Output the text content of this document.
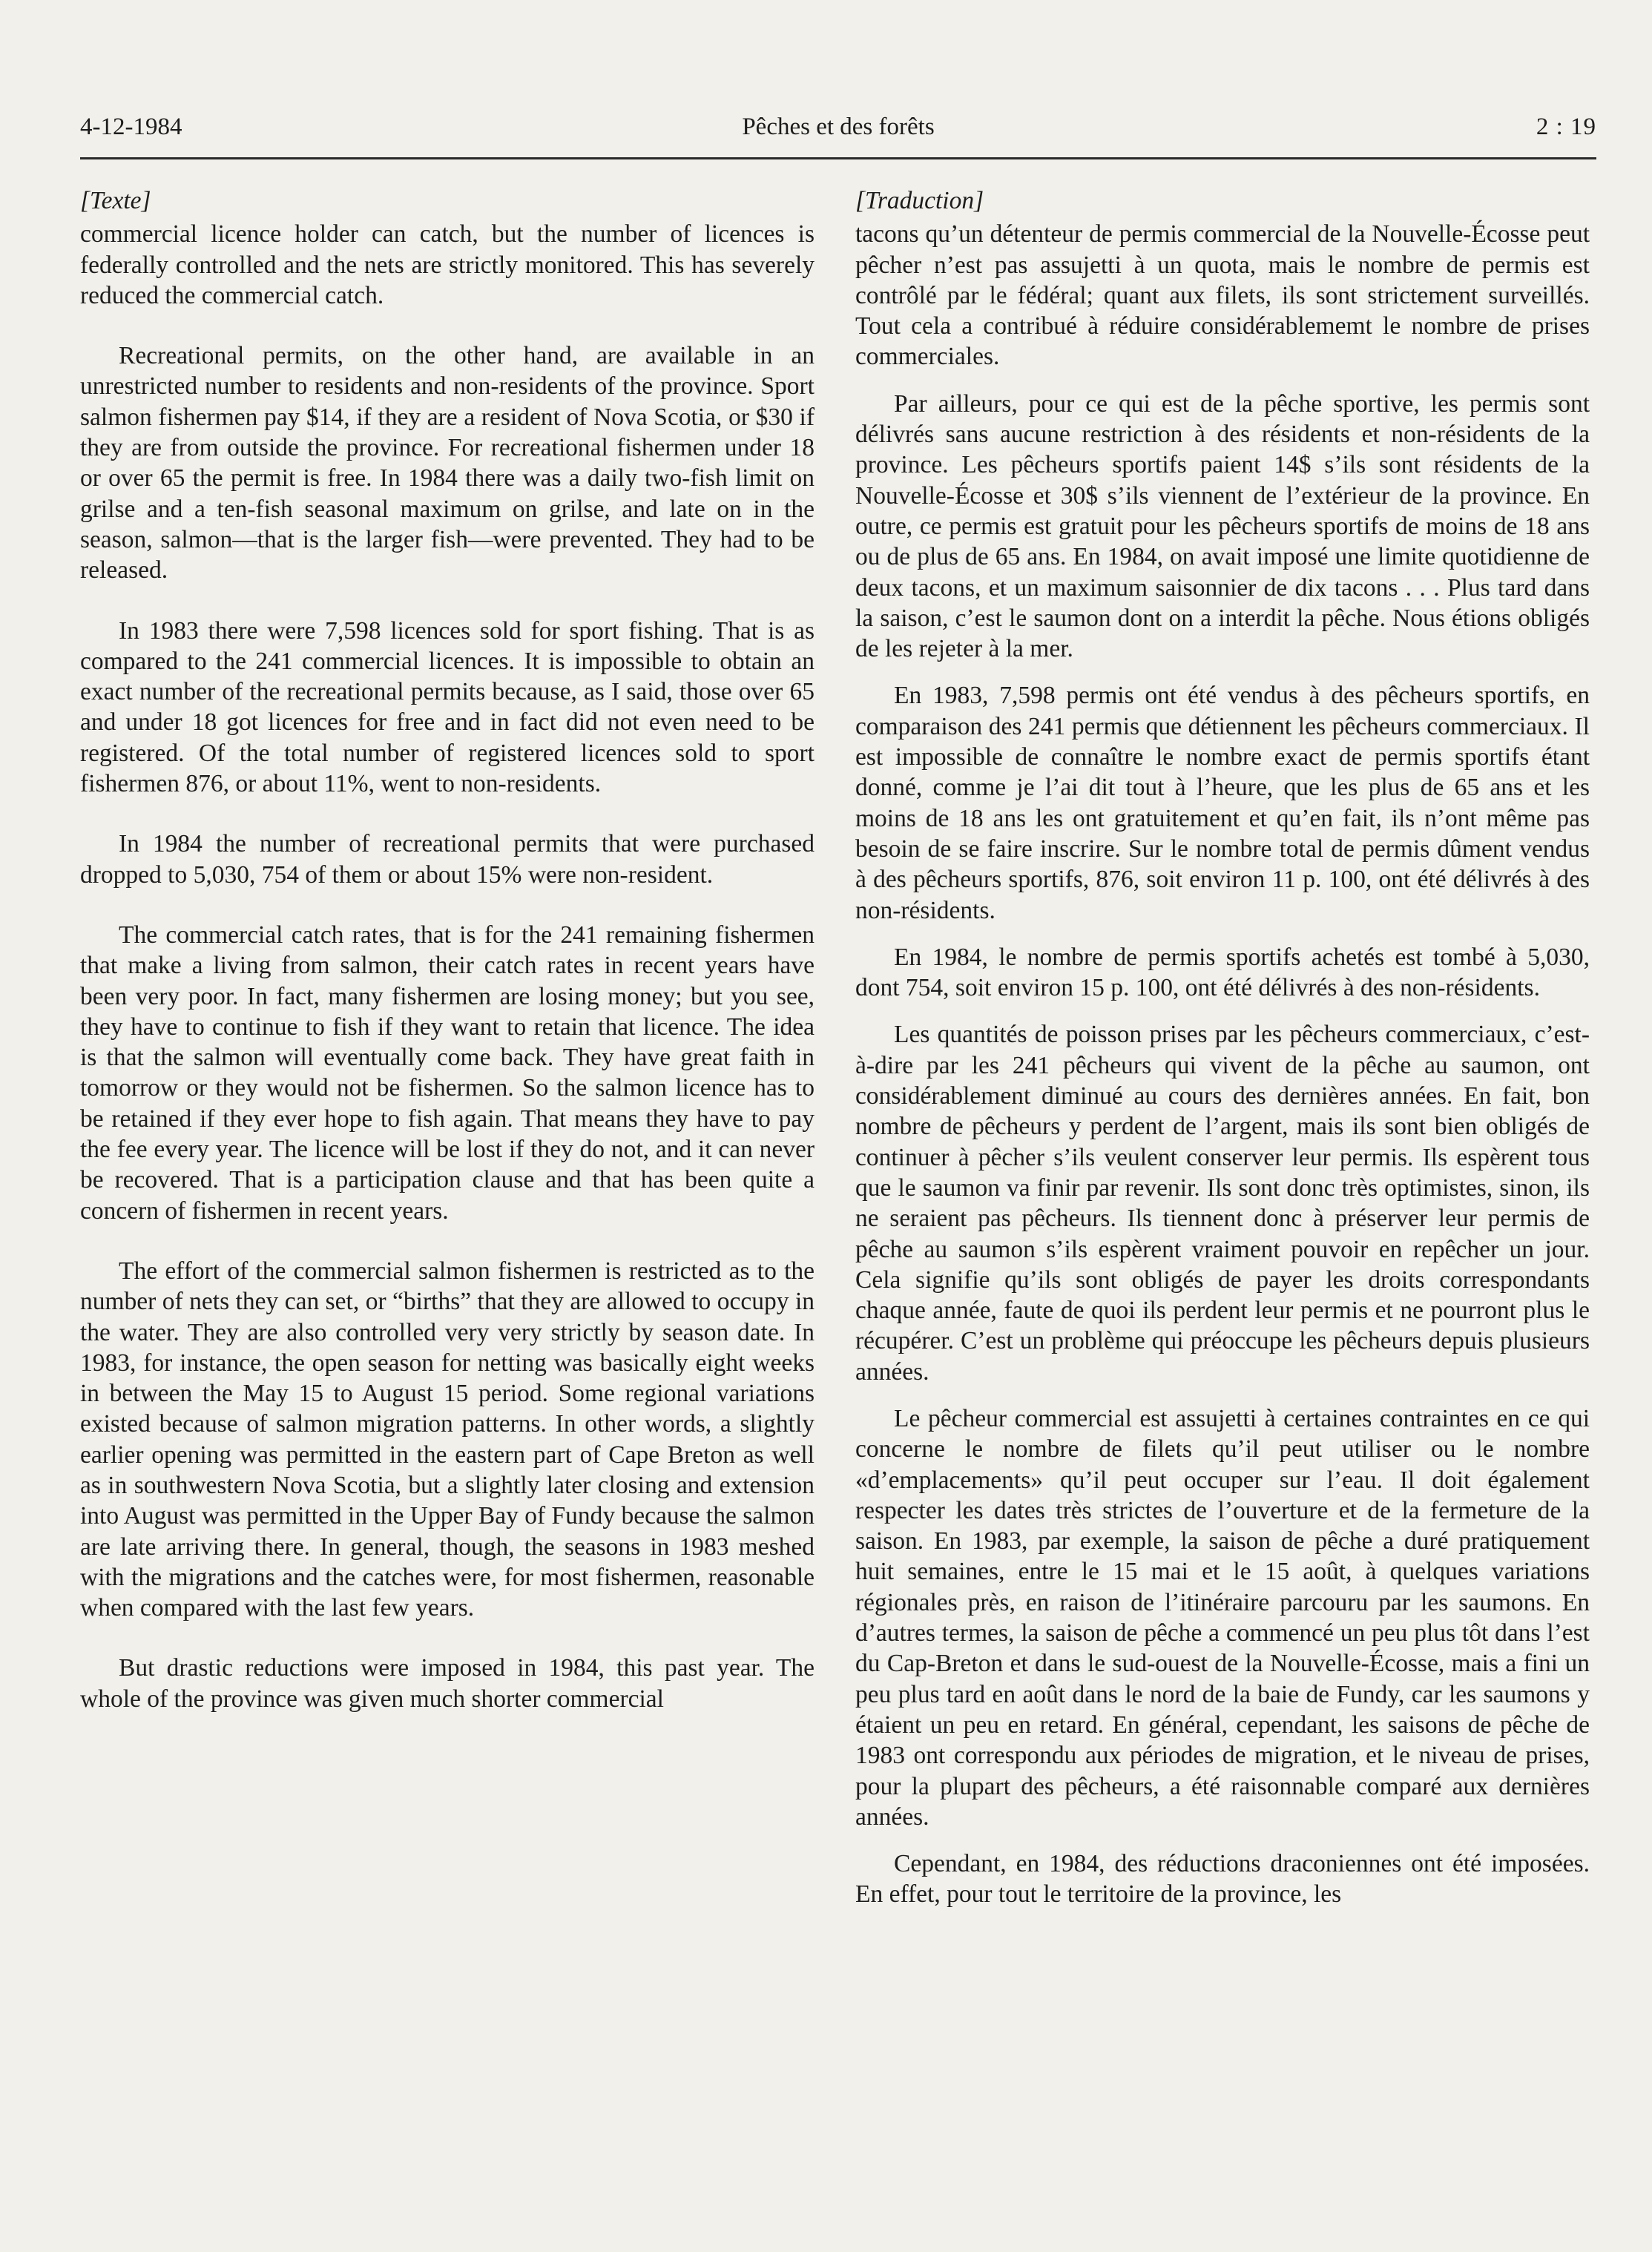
4-12-1984	Pêches et des forêts	2 : 19
[Texte]

commercial licence holder can catch, but the number of licences is federally controlled and the nets are strictly monitored. This has severely reduced the commercial catch.

Recreational permits, on the other hand, are available in an unrestricted number to residents and non-residents of the province. Sport salmon fishermen pay $14, if they are a resident of Nova Scotia, or $30 if they are from outside the province. For recreational fishermen under 18 or over 65 the permit is free. In 1984 there was a daily two-fish limit on grilse and a ten-fish seasonal maximum on grilse, and late on in the season, salmon—that is the larger fish—were prevented. They had to be released.

In 1983 there were 7,598 licences sold for sport fishing. That is as compared to the 241 commercial licences. It is impossible to obtain an exact number of the recreational permits because, as I said, those over 65 and under 18 got licences for free and in fact did not even need to be registered. Of the total number of registered licences sold to sport fishermen 876, or about 11%, went to non-residents.

In 1984 the number of recreational permits that were purchased dropped to 5,030, 754 of them or about 15% were non-resident.

The commercial catch rates, that is for the 241 remaining fishermen that make a living from salmon, their catch rates in recent years have been very poor. In fact, many fishermen are losing money; but you see, they have to continue to fish if they want to retain that licence. The idea is that the salmon will eventually come back. They have great faith in tomorrow or they would not be fishermen. So the salmon licence has to be retained if they ever hope to fish again. That means they have to pay the fee every year. The licence will be lost if they do not, and it can never be recovered. That is a participation clause and that has been quite a concern of fishermen in recent years.

The effort of the commercial salmon fishermen is restricted as to the number of nets they can set, or “births” that they are allowed to occupy in the water. They are also controlled very very strictly by season date. In 1983, for instance, the open season for netting was basically eight weeks in between the May 15 to August 15 period. Some regional variations existed because of salmon migration patterns. In other words, a slightly earlier opening was permitted in the eastern part of Cape Breton as well as in southwestern Nova Scotia, but a slightly later closing and extension into August was permitted in the Upper Bay of Fundy because the salmon are late arriving there. In general, though, the seasons in 1983 meshed with the migrations and the catches were, for most fishermen, reasonable when compared with the last few years.

But drastic reductions were imposed in 1984, this past year. The whole of the province was given much shorter commercial

[Traduction]

tacons qu’un détenteur de permis commercial de la Nouvelle-Écosse peut pêcher n’est pas assujetti à un quota, mais le nombre de permis est contrôlé par le fédéral; quant aux filets, ils sont strictement surveillés. Tout cela a contribué à réduire considérablememt le nombre de prises commerciales.

Par ailleurs, pour ce qui est de la pêche sportive, les permis sont délivrés sans aucune restriction à des résidents et non-résidents de la province. Les pêcheurs sportifs paient 14$ s’ils sont résidents de la Nouvelle-Écosse et 30$ s’ils viennent de l’extérieur de la province. En outre, ce permis est gratuit pour les pêcheurs sportifs de moins de 18 ans ou de plus de 65 ans. En 1984, on avait imposé une limite quotidienne de deux tacons, et un maximum saisonnier de dix tacons . . . Plus tard dans la saison, c’est le saumon dont on a interdit la pêche. Nous étions obligés de les rejeter à la mer.

En 1983, 7,598 permis ont été vendus à des pêcheurs sportifs, en comparaison des 241 permis que détiennent les pêcheurs commerciaux. Il est impossible de connaître le nombre exact de permis sportifs étant donné, comme je l’ai dit tout à l’heure, que les plus de 65 ans et les moins de 18 ans les ont gratuitement et qu’en fait, ils n’ont même pas besoin de se faire inscrire. Sur le nombre total de permis dûment vendus à des pêcheurs sportifs, 876, soit environ 11 p. 100, ont été délivrés à des non-résidents.

En 1984, le nombre de permis sportifs achetés est tombé à 5,030, dont 754, soit environ 15 p. 100, ont été délivrés à des non-résidents.

Les quantités de poisson prises par les pêcheurs commerciaux, c’est-à-dire par les 241 pêcheurs qui vivent de la pêche au saumon, ont considérablement diminué au cours des dernières années. En fait, bon nombre de pêcheurs y perdent de l’argent, mais ils sont bien obligés de continuer à pêcher s’ils veulent conserver leur permis. Ils espèrent tous que le saumon va finir par revenir. Ils sont donc très optimistes, sinon, ils ne seraient pas pêcheurs. Ils tiennent donc à préserver leur permis de pêche au saumon s’ils espèrent vraiment pouvoir en repêcher un jour. Cela signifie qu’ils sont obligés de payer les droits correspondants chaque année, faute de quoi ils perdent leur permis et ne pourront plus le récupérer. C’est un problème qui préoccupe les pêcheurs depuis plusieurs années.

Le pêcheur commercial est assujetti à certaines contraintes en ce qui concerne le nombre de filets qu’il peut utiliser ou le nombre «d’emplacements» qu’il peut occuper sur l’eau. Il doit également respecter les dates très strictes de l’ouverture et de la fermeture de la saison. En 1983, par exemple, la saison de pêche a duré pratiquement huit semaines, entre le 15 mai et le 15 août, à quelques variations régionales près, en raison de l’itinéraire parcouru par les saumons. En d’autres termes, la saison de pêche a commencé un peu plus tôt dans l’est du Cap-Breton et dans le sud-ouest de la Nouvelle-Écosse, mais a fini un peu plus tard en août dans le nord de la baie de Fundy, car les saumons y étaient un peu en retard. En général, cependant, les saisons de pêche de 1983 ont correspondu aux périodes de migration, et le niveau de prises, pour la plupart des pêcheurs, a été raisonnable comparé aux dernières années.

Cependant, en 1984, des réductions draconiennes ont été imposées. En effet, pour tout le territoire de la province, les
